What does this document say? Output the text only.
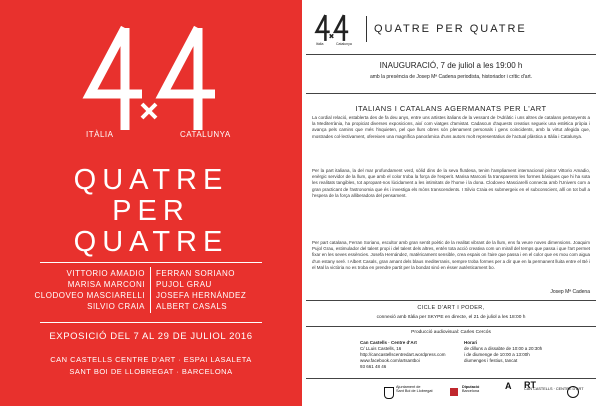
ITÀLIA	CATALUNYA
QUATRE
PER
QUATRE
VITTORIO AMADIO
MARISA MARCONI
CLODOVEO MASCIARELLI
SILVIO CRAIA
FERRAN SORIANO
PUJOL GRAU
JOSEFA HERNÁNDEZ
ALBERT CASALS
EXPOSICIÓ DEL 7 AL 29 DE JULIOL 2016
CAN CASTELLS CENTRE D'ART · ESPAI LASALETA
SANT BOI DE LLOBREGAT · BARCELONA
Itàlia	Catalunya
QUATRE PER QUATRE
INAUGURACIÓ, 7 de juliol a les 19:00 h
amb la presència de Josep Mª Cadena periodista, historiador i crític d'art.
ITALIANS I CATALANS AGERMANATS PER L'ART
La cordial relació, establerta des de fa deu anys, entre uns artistes italians de la vessant de l'Adriàtic i uns altres de catalans pertanyents a la Mediterrània, ha propiciat diverses exposicions, així com viatges d'amistat. Cadascun d'aquests creatius segueix una estètica pròpia i avança pels camins que més l'inquieten, pel que llurs obres són plenament personals i gens coincidents, amb la virtut afegida que, mostrades col·lectivament, ofereixen una magnífica panoràmica d'uns autors molt representatius de l'actual plàstica a Itàlia i Catalunya.
Per la part italiana, la del mar profundament verd, sòlid dins de la seva fluïdesa, tenim l'ampliament internacional pintor Vittorio Amadio, enèrgic servidor de la llum, que amb el color troba la força de l'esperit. Marisa Marconi fa transparents les formes bàsiques que hi ha sota les realitats tangibles, tot apropant-nos lúcidament a les intimitats de l'home i la dona. Clodoveo Masciarelli connecta amb l'Univers com a gran practicant de l'astronomia que és i investiga els móns transcendents. I Silvio Craia es submergeix en el subconscient, allí on tot bull a l'espera de la força alliberadora del pensament.
Per part catalana, Ferran Soriano, escultor amb gran sentit poètic de la realitat vibrant de la llum, ens fa veure noves dimensions. Joaquim Pujol Grau, estimulador del talent propi i del talent dels altres, entén tota acció creativa com un mirall del temps que passa i que l'art permet fixar en les seves essències. Josefa Hernández, matèricament sensible, crea espais on l'aire que passa i en el color que es mou com aigua d'un estany seré. I Albert Casals, gran amant dels blaus mediterranis, sempre troba formes per a dir que en la permanent lluita entre el Bé i el Mal la victòria no es troba en prendre partit per la bondat sinó en ésser autènticament bo.
Josep Mª Cadena
CICLE D'ART I PODER,
connexió amb Itàlia per SKYPE en directe, el 21 de juliol a les 18:00 h
Producció audiovisual: Carles Cercós
Can Castells · Centre d'Art
C/ LLuis Castells, 16
http://cancastellscentredart.wordpress.com
www.facebook.com/artsantboi
93 661 48 46
Horari
de dilluns a dissabte de 10:00 a 20:30h
i de diumenge de 10:00 a 13:00h
diumenges i festius, tancat
Ajuntament de
Sant Boi de Llobregat
Diputació
Barcelona
A RT
CAN CASTELLS · CENTRE D'ART
